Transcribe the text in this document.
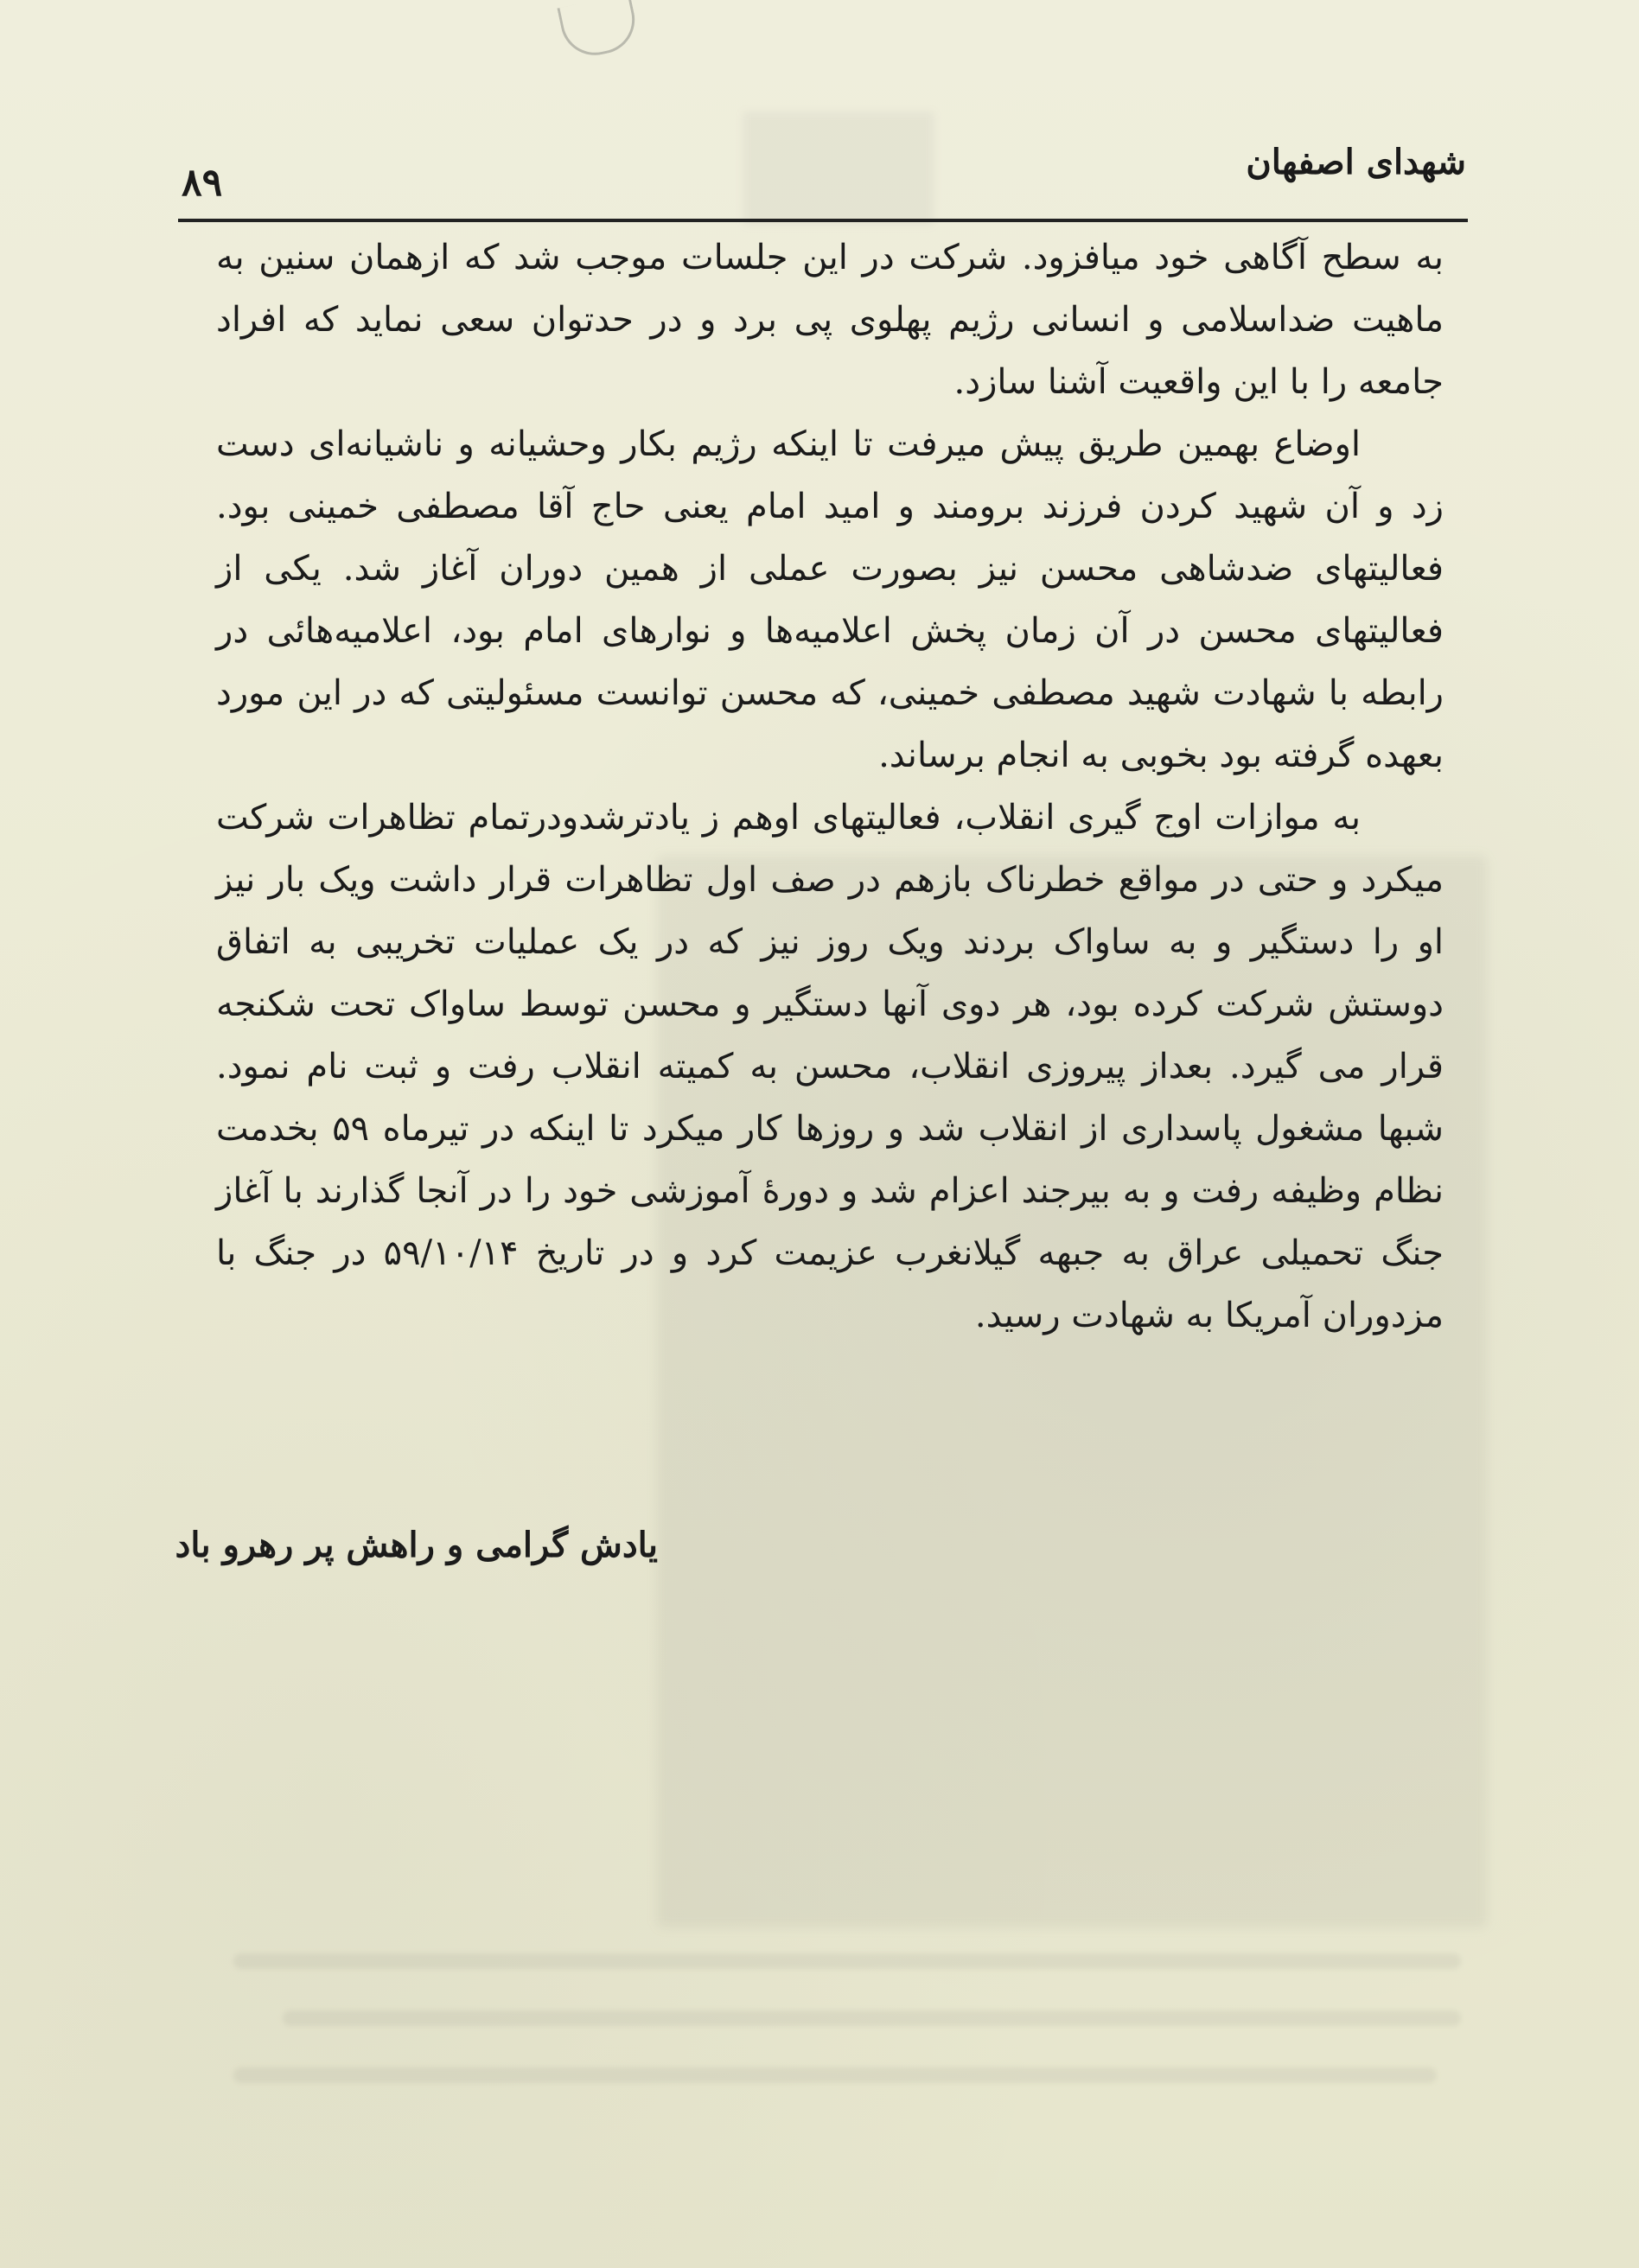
شهدای اصفهان
۸۹

به سطح آگاهی خود میافزود. شرکت در این جلسات موجب شد که ازهمان سنین به ماهیت ضداسلامی و انسانی رژیم پهلوی پی برد و در حدتوان سعی نماید که افراد جامعه را با این واقعیت آشنا سازد.

اوضاع بهمین طریق پیش میرفت تا اینکه رژیم بکار وحشیانه و ناشیانه‌ای دست زد و آن شهید کردن فرزند برومند و امید امام یعنی حاج آقا مصطفی خمینی بود. فعالیتهای ضدشاهی محسن نیز بصورت عملی از همین دوران آغاز شد. یکی از فعالیتهای محسن در آن زمان پخش اعلامیه‌ها و نوارهای امام بود، اعلامیه‌هائی در رابطه با شهادت شهید مصطفی خمینی، که محسن توانست مسئولیتی که در این مورد بعهده گرفته بود بخوبی به انجام برساند.

به موازات اوج گیری انقلاب، فعالیتهای اوهم ز یادترشدودرتمام تظاهرات شرکت میکرد و حتی در مواقع خطرناک بازهم در صف اول تظاهرات قرار داشت ویک بار نیز او را دستگیر و به ساواک بردند ویک روز نیز که در یک عملیات تخریبی به اتفاق دوستش شرکت کرده بود، هر دوی آنها دستگیر و محسن توسط ساواک تحت شکنجه قرار می گیرد. بعداز پیروزی انقلاب، محسن به کمیته انقلاب رفت و ثبت نام نمود. شبها مشغول پاسداری از انقلاب شد و روزها کار میکرد تا اینکه در تیرماه ۵۹ بخدمت نظام وظیفه رفت و به بیرجند اعزام شد و دورهٔ آموزشی خود را در آنجا گذارند با آغاز جنگ تحمیلی عراق به جبهه گیلانغرب عزیمت کرد و در تاریخ ۵۹/۱۰/۱۴ در جنگ با مزدوران آمریکا به شهادت رسید.

یادش گرامی و راهش پر رهرو باد
